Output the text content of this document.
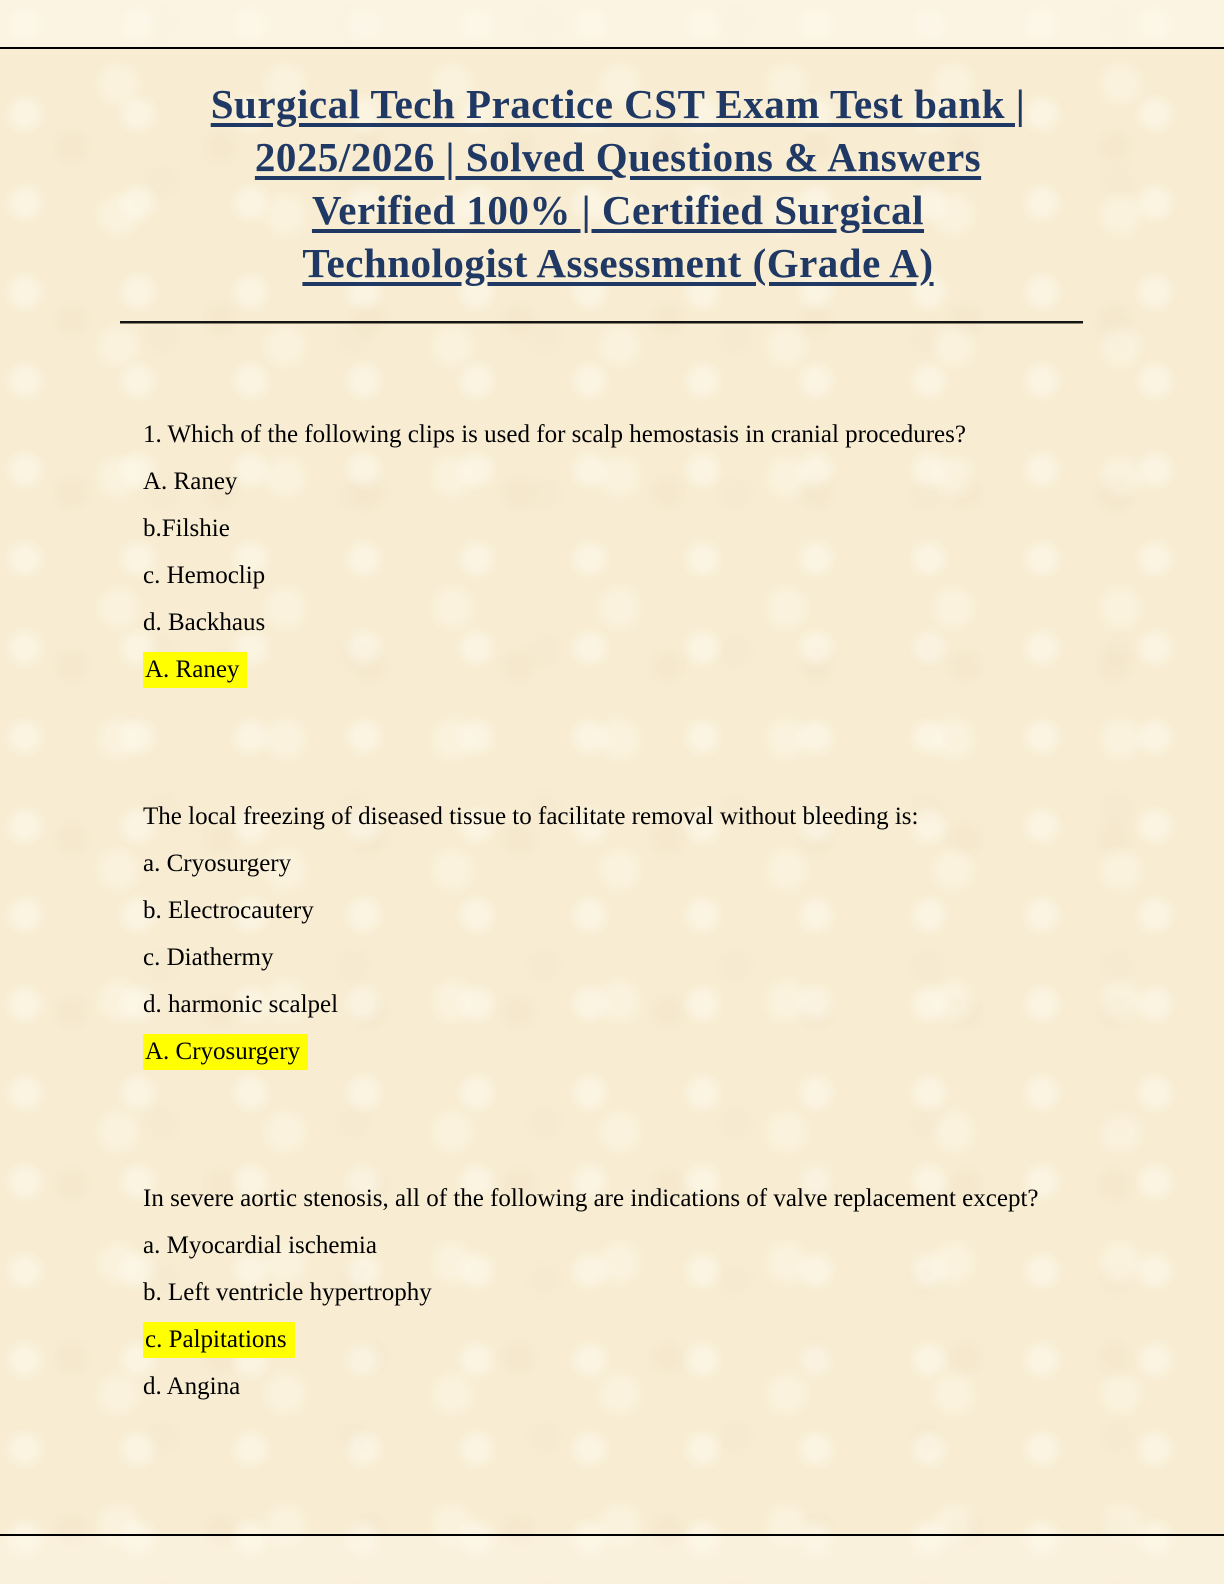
Surgical Tech Practice CST Exam Test bank |
2025/2026 | Solved Questions & Answers
Verified 100% | Certified Surgical
Technologist Assessment (Grade A)

1. Which of the following clips is used for scalp hemostasis in cranial procedures?

A. Raney

b.Filshie

c. Hemoclip

d. Backhaus

A. Raney

The local freezing of diseased tissue to facilitate removal without bleeding is:

a. Cryosurgery

b. Electrocautery

c. Diathermy

d. harmonic scalpel

A. Cryosurgery

In severe aortic stenosis, all of the following are indications of valve replacement except?

a. Myocardial ischemia

b. Left ventricle hypertrophy

c. Palpitations

d. Angina
